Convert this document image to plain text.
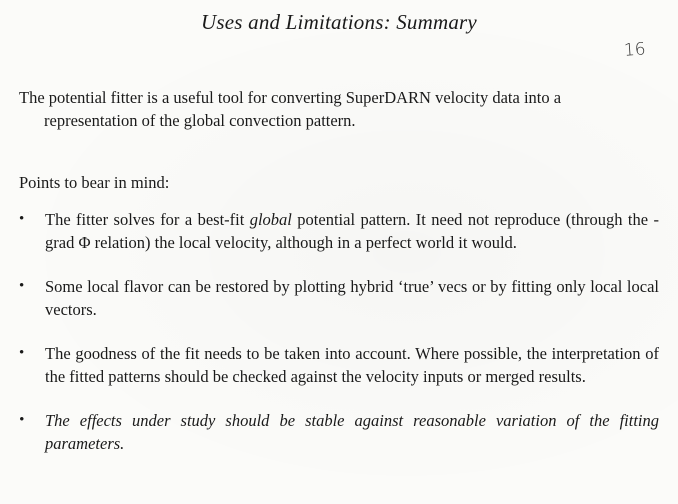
Uses and Limitations: Summary
16
The potential fitter is a useful tool for converting SuperDARN velocity data into a
representation of the global convection pattern.
Points to bear in mind:
• The fitter solves for a best-fit global potential pattern. It need not reproduce (through the -grad Φ relation) the local velocity, although in a perfect world it would.
• Some local flavor can be restored by plotting hybrid ‘true’ vecs or by fitting only local local vectors.
• The goodness of the fit needs to be taken into account. Where possible, the interpretation of the fitted patterns should be checked against the velocity inputs or merged results.
• The effects under study should be stable against reasonable variation of the fitting parameters.
